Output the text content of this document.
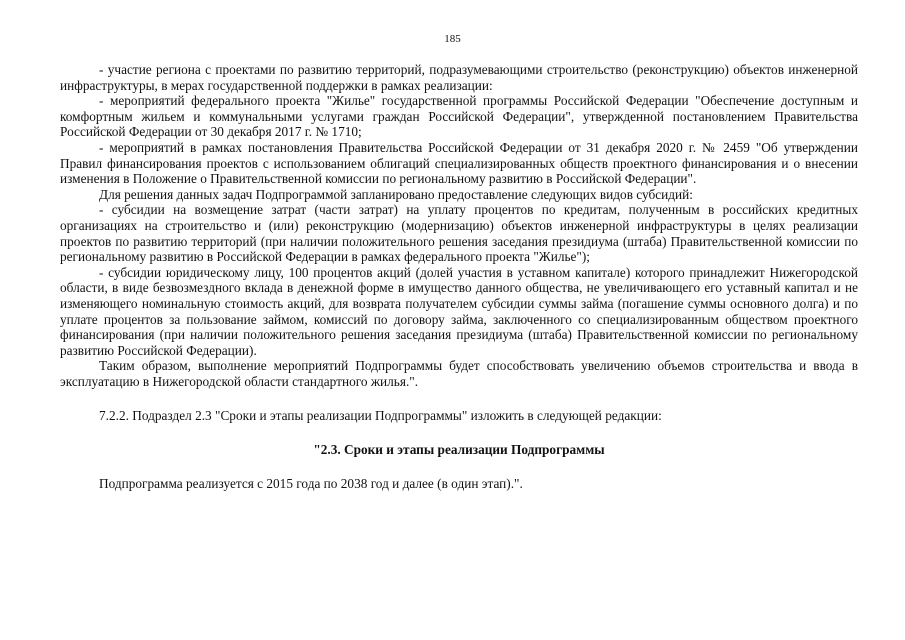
185

- участие региона с проектами по развитию территорий, подразумевающими строительство (реконструкцию) объектов инженерной инфраструктуры, в мерах государственной поддержки в рамках реализации:

- мероприятий федерального проекта "Жилье" государственной программы Российской Федерации "Обеспечение доступным и комфортным жильем и коммунальными услугами граждан Российской Федерации", утвержденной постановлением Правительства Российской Федерации от 30 декабря 2017 г. № 1710;

- мероприятий в рамках постановления Правительства Российской Федерации от 31 декабря 2020 г. № 2459 "Об утверждении Правил финансирования проектов с использованием облигаций специализированных обществ проектного финансирования и о внесении изменения в Положение о Правительственной комиссии по региональному развитию в Российской Федерации".

Для решения данных задач Подпрограммой запланировано предоставление следующих видов субсидий:

- субсидии на возмещение затрат (части затрат) на уплату процентов по кредитам, полученным в российских кредитных организациях на строительство и (или) реконструкцию (модернизацию) объектов инженерной инфраструктуры в целях реализации проектов по развитию территорий (при наличии положительного решения заседания президиума (штаба) Правительственной комиссии по региональному развитию в Российской Федерации в рамках федерального проекта "Жилье");

- субсидии юридическому лицу, 100 процентов акций (долей участия в уставном капитале) которого принадлежит Нижегородской области, в виде безвозмездного вклада в денежной форме в имущество данного общества, не увеличивающего его уставный капитал и не изменяющего номинальную стоимость акций, для возврата получателем субсидии суммы займа (погашение суммы основного долга) и по уплате процентов за пользование займом, комиссий по договору займа, заключенного со специализированным обществом проектного финансирования (при наличии положительного решения заседания президиума (штаба) Правительственной комиссии по региональному развитию Российской Федерации).

Таким образом, выполнение мероприятий Подпрограммы будет способствовать увеличению объемов строительства и ввода в эксплуатацию в Нижегородской области стандартного жилья.".

7.2.2. Подраздел 2.3 "Сроки и этапы реализации Подпрограммы" изложить в следующей редакции:

"2.3. Сроки и этапы реализации Подпрограммы

Подпрограмма реализуется с 2015 года по 2038 год и далее (в один этап).".
